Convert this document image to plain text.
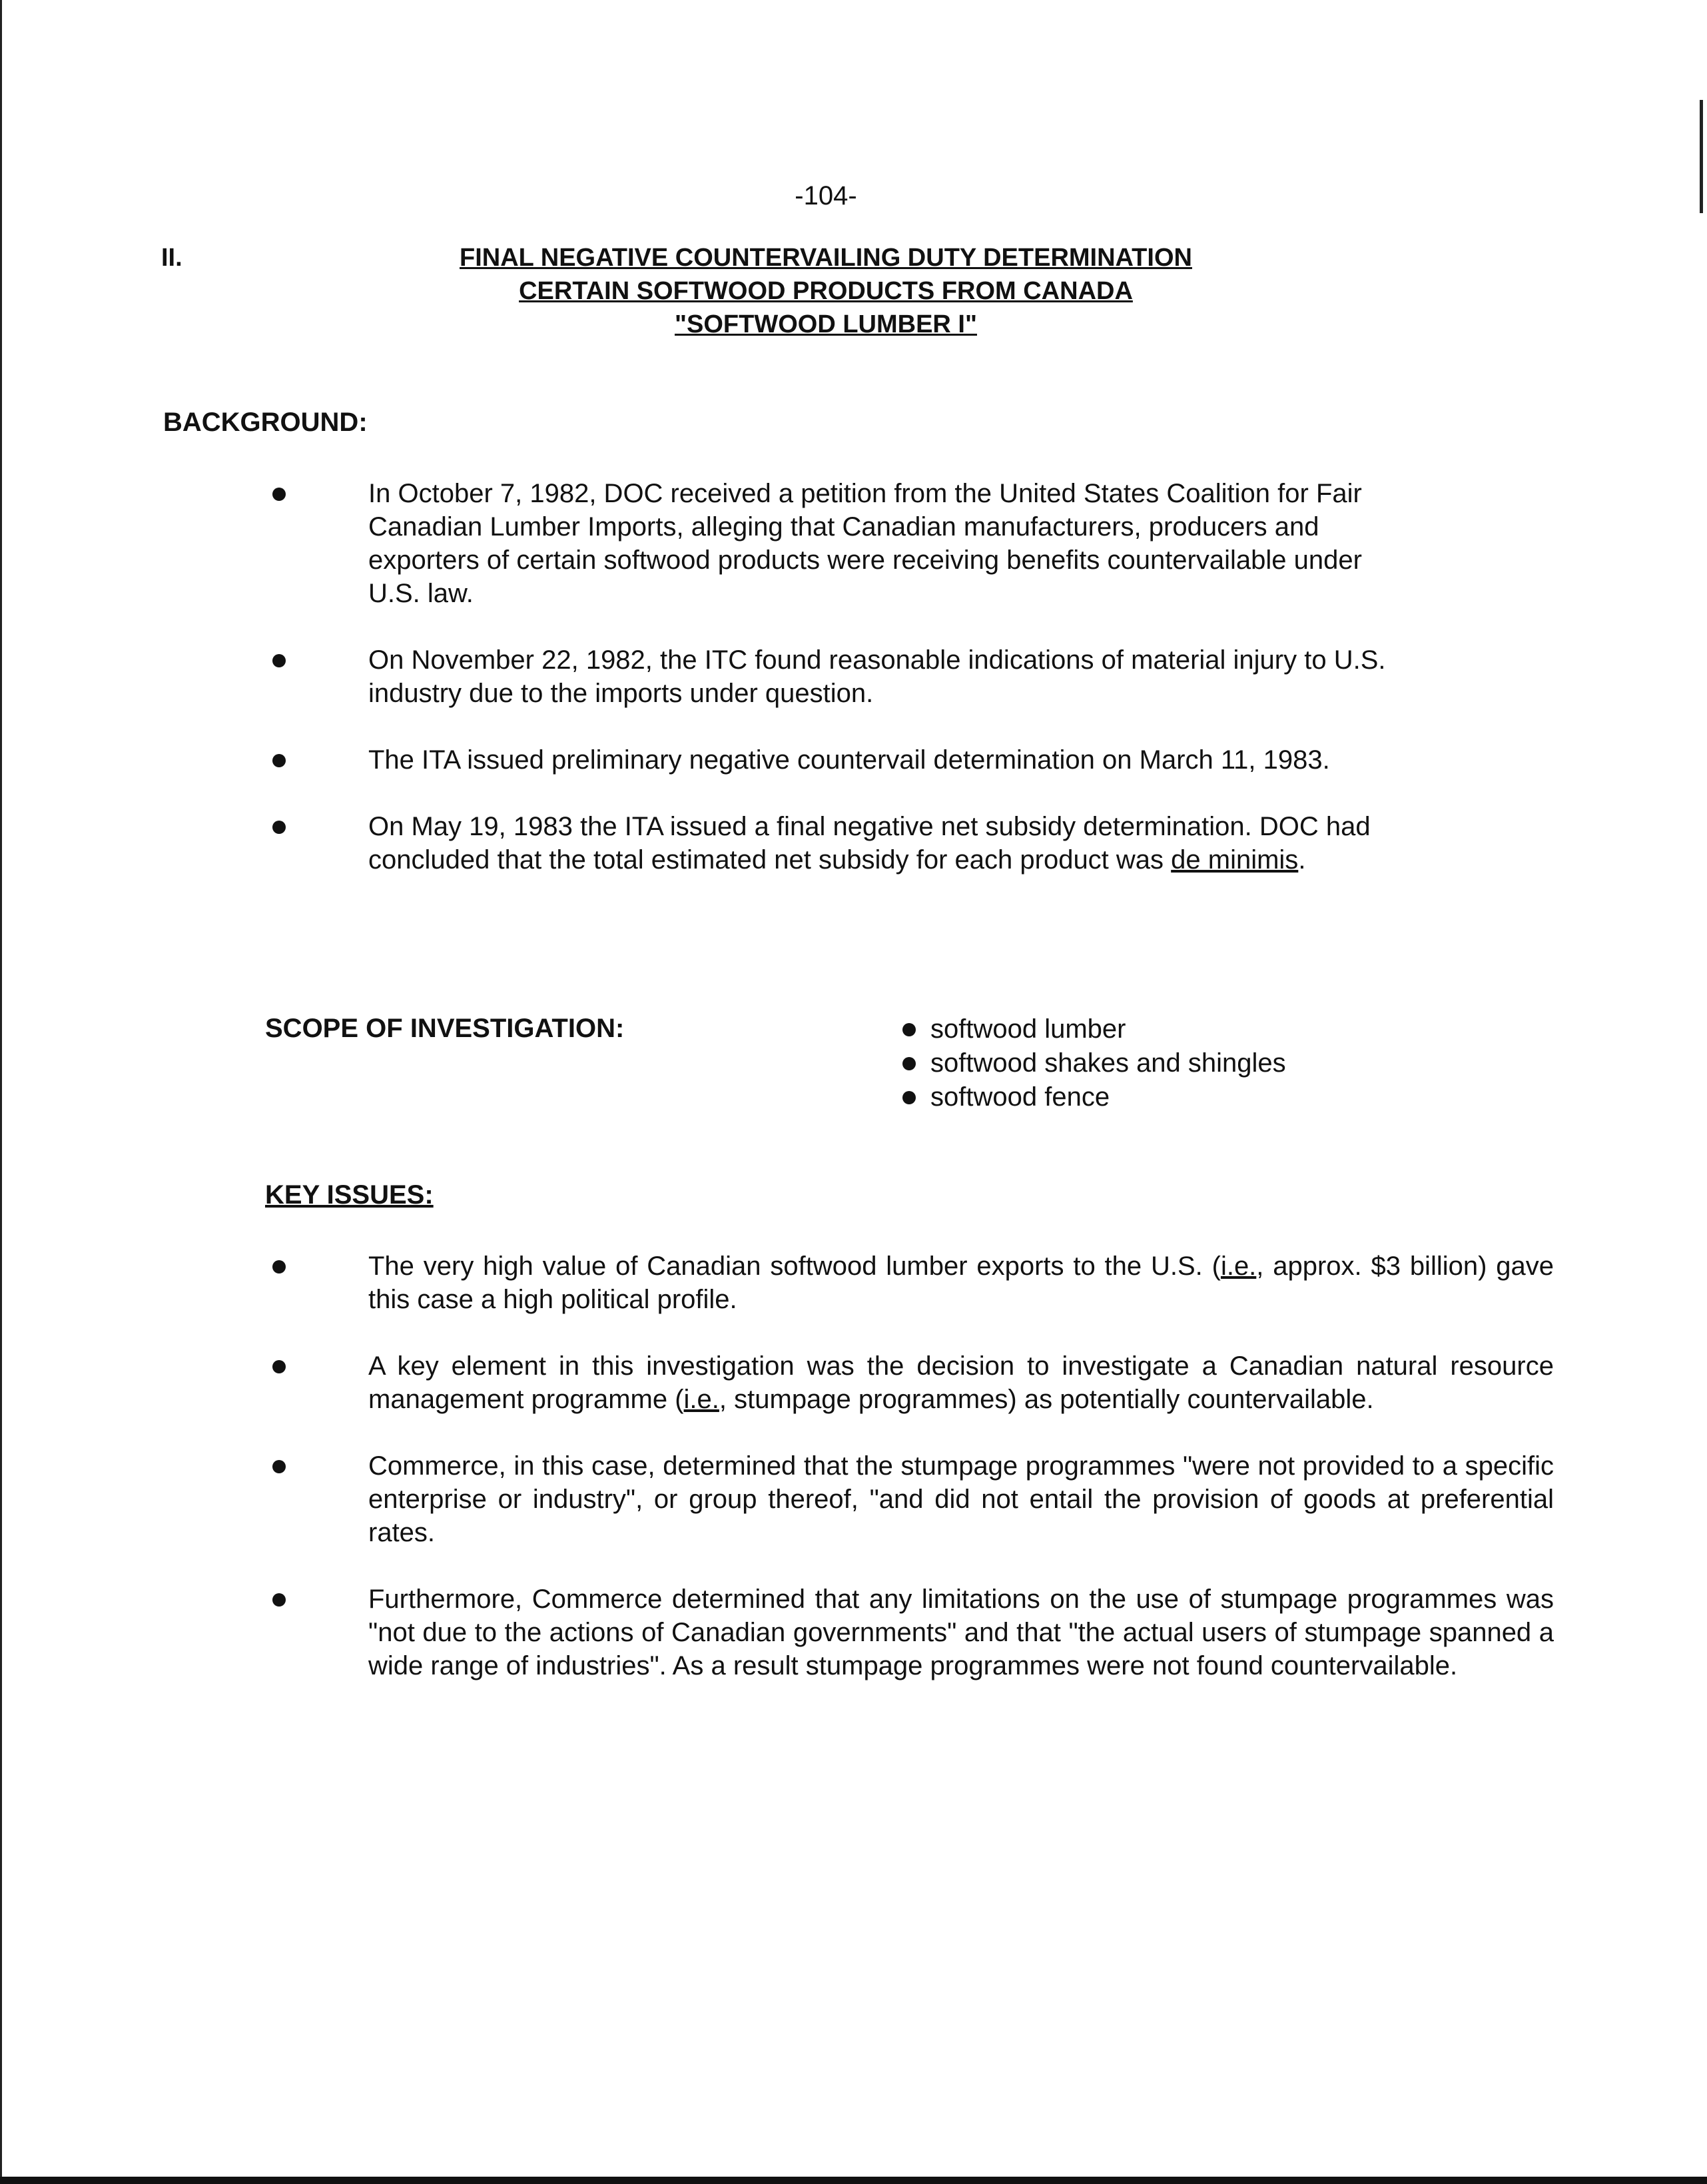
-104-
II.	FINAL NEGATIVE COUNTERVAILING DUTY DETERMINATION
CERTAIN SOFTWOOD PRODUCTS FROM CANADA
"SOFTWOOD LUMBER I"
BACKGROUND:
In October 7, 1982, DOC received a petition from the United States Coalition for Fair Canadian Lumber Imports, alleging that Canadian manufacturers, producers and exporters of certain softwood products were receiving benefits countervailable under U.S. law.
On November 22, 1982, the ITC found reasonable indications of material injury to U.S. industry due to the imports under question.
The ITA issued preliminary negative countervail determination on March 11, 1983.
On May 19, 1983 the ITA issued a final negative net subsidy determination. DOC had concluded that the total estimated net subsidy for each product was de minimis.
SCOPE OF INVESTIGATION:	softwood lumber
softwood shakes and shingles
softwood fence
KEY ISSUES:
The very high value of Canadian softwood lumber exports to the U.S. (i.e., approx. $3 billion) gave this case a high political profile.
A key element in this investigation was the decision to investigate a Canadian natural resource management programme (i.e., stumpage programmes) as potentially countervailable.
Commerce, in this case, determined that the stumpage programmes "were not provided to a specific enterprise or industry", or group thereof, "and did not entail the provision of goods at preferential rates.
Furthermore, Commerce determined that any limitations on the use of stumpage programmes was "not due to the actions of Canadian governments" and that "the actual users of stumpage spanned a wide range of industries". As a result stumpage programmes were not found countervailable.
